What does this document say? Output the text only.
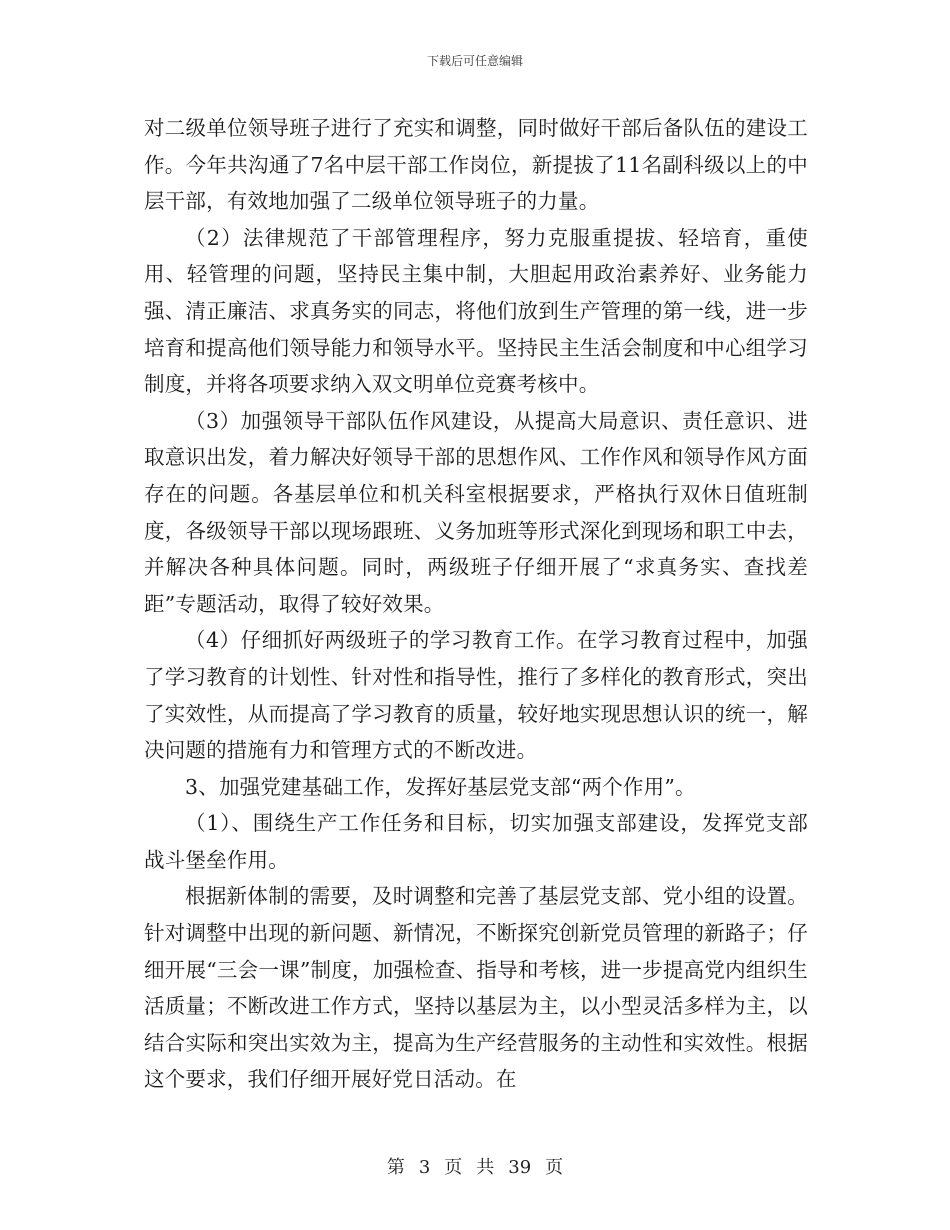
下载后可任意编辑

对二级单位领导班子进行了充实和调整，同时做好干部后备队伍的建设工作。今年共沟通了7名中层干部工作岗位，新提拔了11名副科级以上的中层干部，有效地加强了二级单位领导班子的力量。

（2）法律规范了干部管理程序，努力克服重提拔、轻培育，重使用、轻管理的问题，坚持民主集中制，大胆起用政治素养好、业务能力强、清正廉洁、求真务实的同志，将他们放到生产管理的第一线，进一步培育和提高他们领导能力和领导水平。坚持民主生活会制度和中心组学习制度，并将各项要求纳入双文明单位竞赛考核中。

（3）加强领导干部队伍作风建设，从提高大局意识、责任意识、进取意识出发，着力解决好领导干部的思想作风、工作作风和领导作风方面存在的问题。各基层单位和机关科室根据要求，严格执行双休日值班制度，各级领导干部以现场跟班、义务加班等形式深化到现场和职工中去，并解决各种具体问题。同时，两级班子仔细开展了“求真务实、查找差距”专题活动，取得了较好效果。

（4）仔细抓好两级班子的学习教育工作。在学习教育过程中，加强了学习教育的计划性、针对性和指导性，推行了多样化的教育形式，突出了实效性，从而提高了学习教育的质量，较好地实现思想认识的统一，解决问题的措施有力和管理方式的不断改进。

3、加强党建基础工作，发挥好基层党支部“两个作用”。

（1）、围绕生产工作任务和目标，切实加强支部建设，发挥党支部战斗堡垒作用。

根据新体制的需要，及时调整和完善了基层党支部、党小组的设置。针对调整中出现的新问题、新情况，不断探究创新党员管理的新路子；仔细开展“三会一课”制度，加强检查、指导和考核，进一步提高党内组织生活质量；不断改进工作方式，坚持以基层为主，以小型灵活多样为主，以结合实际和突出实效为主，提高为生产经营服务的主动性和实效性。根据这个要求，我们仔细开展好党日活动。在

第 3 页 共 39 页
